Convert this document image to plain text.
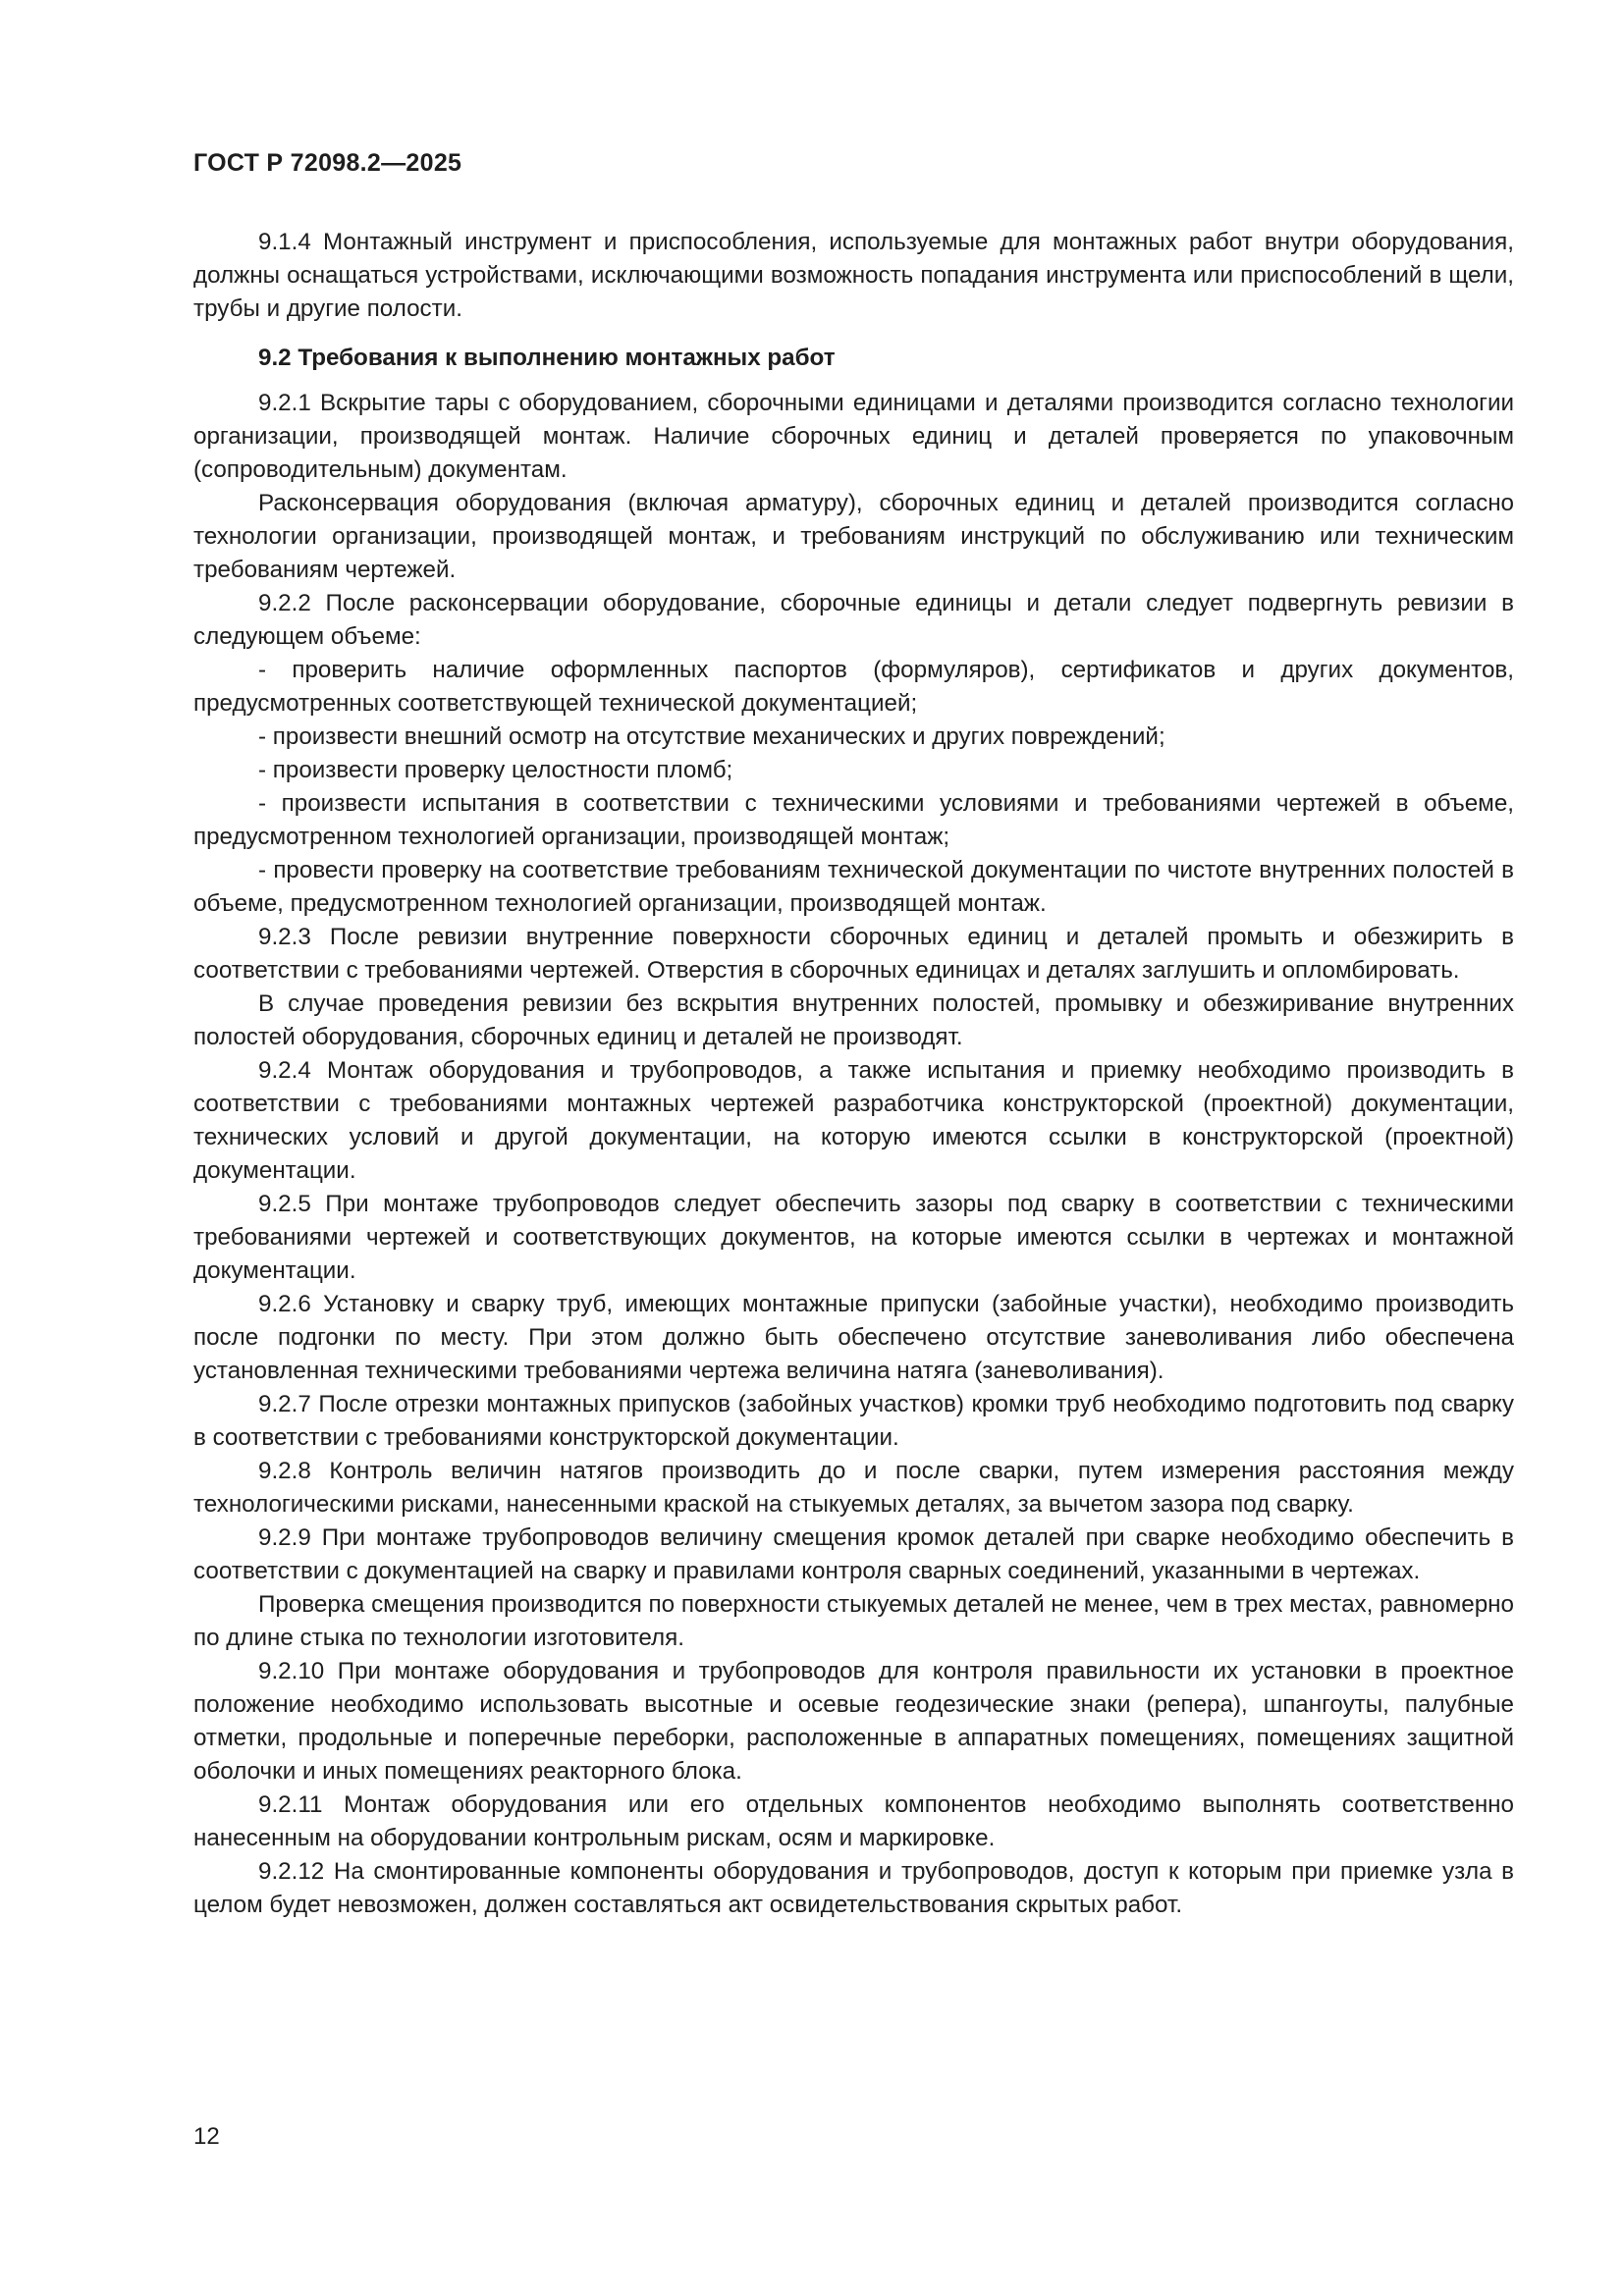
ГОСТ Р 72098.2—2025

9.1.4 Монтажный инструмент и приспособления, используемые для монтажных работ внутри оборудования, должны оснащаться устройствами, исключающими возможность попадания инструмента или приспособлений в щели, трубы и другие полости.

9.2 Требования к выполнению монтажных работ

9.2.1 Вскрытие тары с оборудованием, сборочными единицами и деталями производится согласно технологии организации, производящей монтаж. Наличие сборочных единиц и деталей проверяется по упаковочным (сопроводительным) документам.

Расконсервация оборудования (включая арматуру), сборочных единиц и деталей производится согласно технологии организации, производящей монтаж, и требованиям инструкций по обслуживанию или техническим требованиям чертежей.

9.2.2 После расконсервации оборудование, сборочные единицы и детали следует подвергнуть ревизии в следующем объеме:

- проверить наличие оформленных паспортов (формуляров), сертификатов и других документов, предусмотренных соответствующей технической документацией;

- произвести внешний осмотр на отсутствие механических и других повреждений;

- произвести проверку целостности пломб;

- произвести испытания в соответствии с техническими условиями и требованиями чертежей в объеме, предусмотренном технологией организации, производящей монтаж;

- провести проверку на соответствие требованиям технической документации по чистоте внутренних полостей в объеме, предусмотренном технологией организации, производящей монтаж.

9.2.3 После ревизии внутренние поверхности сборочных единиц и деталей промыть и обезжирить в соответствии с требованиями чертежей. Отверстия в сборочных единицах и деталях заглушить и опломбировать.

В случае проведения ревизии без вскрытия внутренних полостей, промывку и обезжиривание внутренних полостей оборудования, сборочных единиц и деталей не производят.

9.2.4 Монтаж оборудования и трубопроводов, а также испытания и приемку необходимо производить в соответствии с требованиями монтажных чертежей разработчика конструкторской (проектной) документации, технических условий и другой документации, на которую имеются ссылки в конструкторской (проектной) документации.

9.2.5 При монтаже трубопроводов следует обеспечить зазоры под сварку в соответствии с техническими требованиями чертежей и соответствующих документов, на которые имеются ссылки в чертежах и монтажной документации.

9.2.6 Установку и сварку труб, имеющих монтажные припуски (забойные участки), необходимо производить после подгонки по месту. При этом должно быть обеспечено отсутствие заневоливания либо обеспечена установленная техническими требованиями чертежа величина натяга (заневоливания).

9.2.7 После отрезки монтажных припусков (забойных участков) кромки труб необходимо подготовить под сварку в соответствии с требованиями конструкторской документации.

9.2.8 Контроль величин натягов производить до и после сварки, путем измерения расстояния между технологическими рисками, нанесенными краской на стыкуемых деталях, за вычетом зазора под сварку.

9.2.9 При монтаже трубопроводов величину смещения кромок деталей при сварке необходимо обеспечить в соответствии с документацией на сварку и правилами контроля сварных соединений, указанными в чертежах.

Проверка смещения производится по поверхности стыкуемых деталей не менее, чем в трех местах, равномерно по длине стыка по технологии изготовителя.

9.2.10 При монтаже оборудования и трубопроводов для контроля правильности их установки в проектное положение необходимо использовать высотные и осевые геодезические знаки (репера), шпангоуты, палубные отметки, продольные и поперечные переборки, расположенные в аппаратных помещениях, помещениях защитной оболочки и иных помещениях реакторного блока.

9.2.11 Монтаж оборудования или его отдельных компонентов необходимо выполнять соответственно нанесенным на оборудовании контрольным рискам, осям и маркировке.

9.2.12 На смонтированные компоненты оборудования и трубопроводов, доступ к которым при приемке узла в целом будет невозможен, должен составляться акт освидетельствования скрытых работ.

12
